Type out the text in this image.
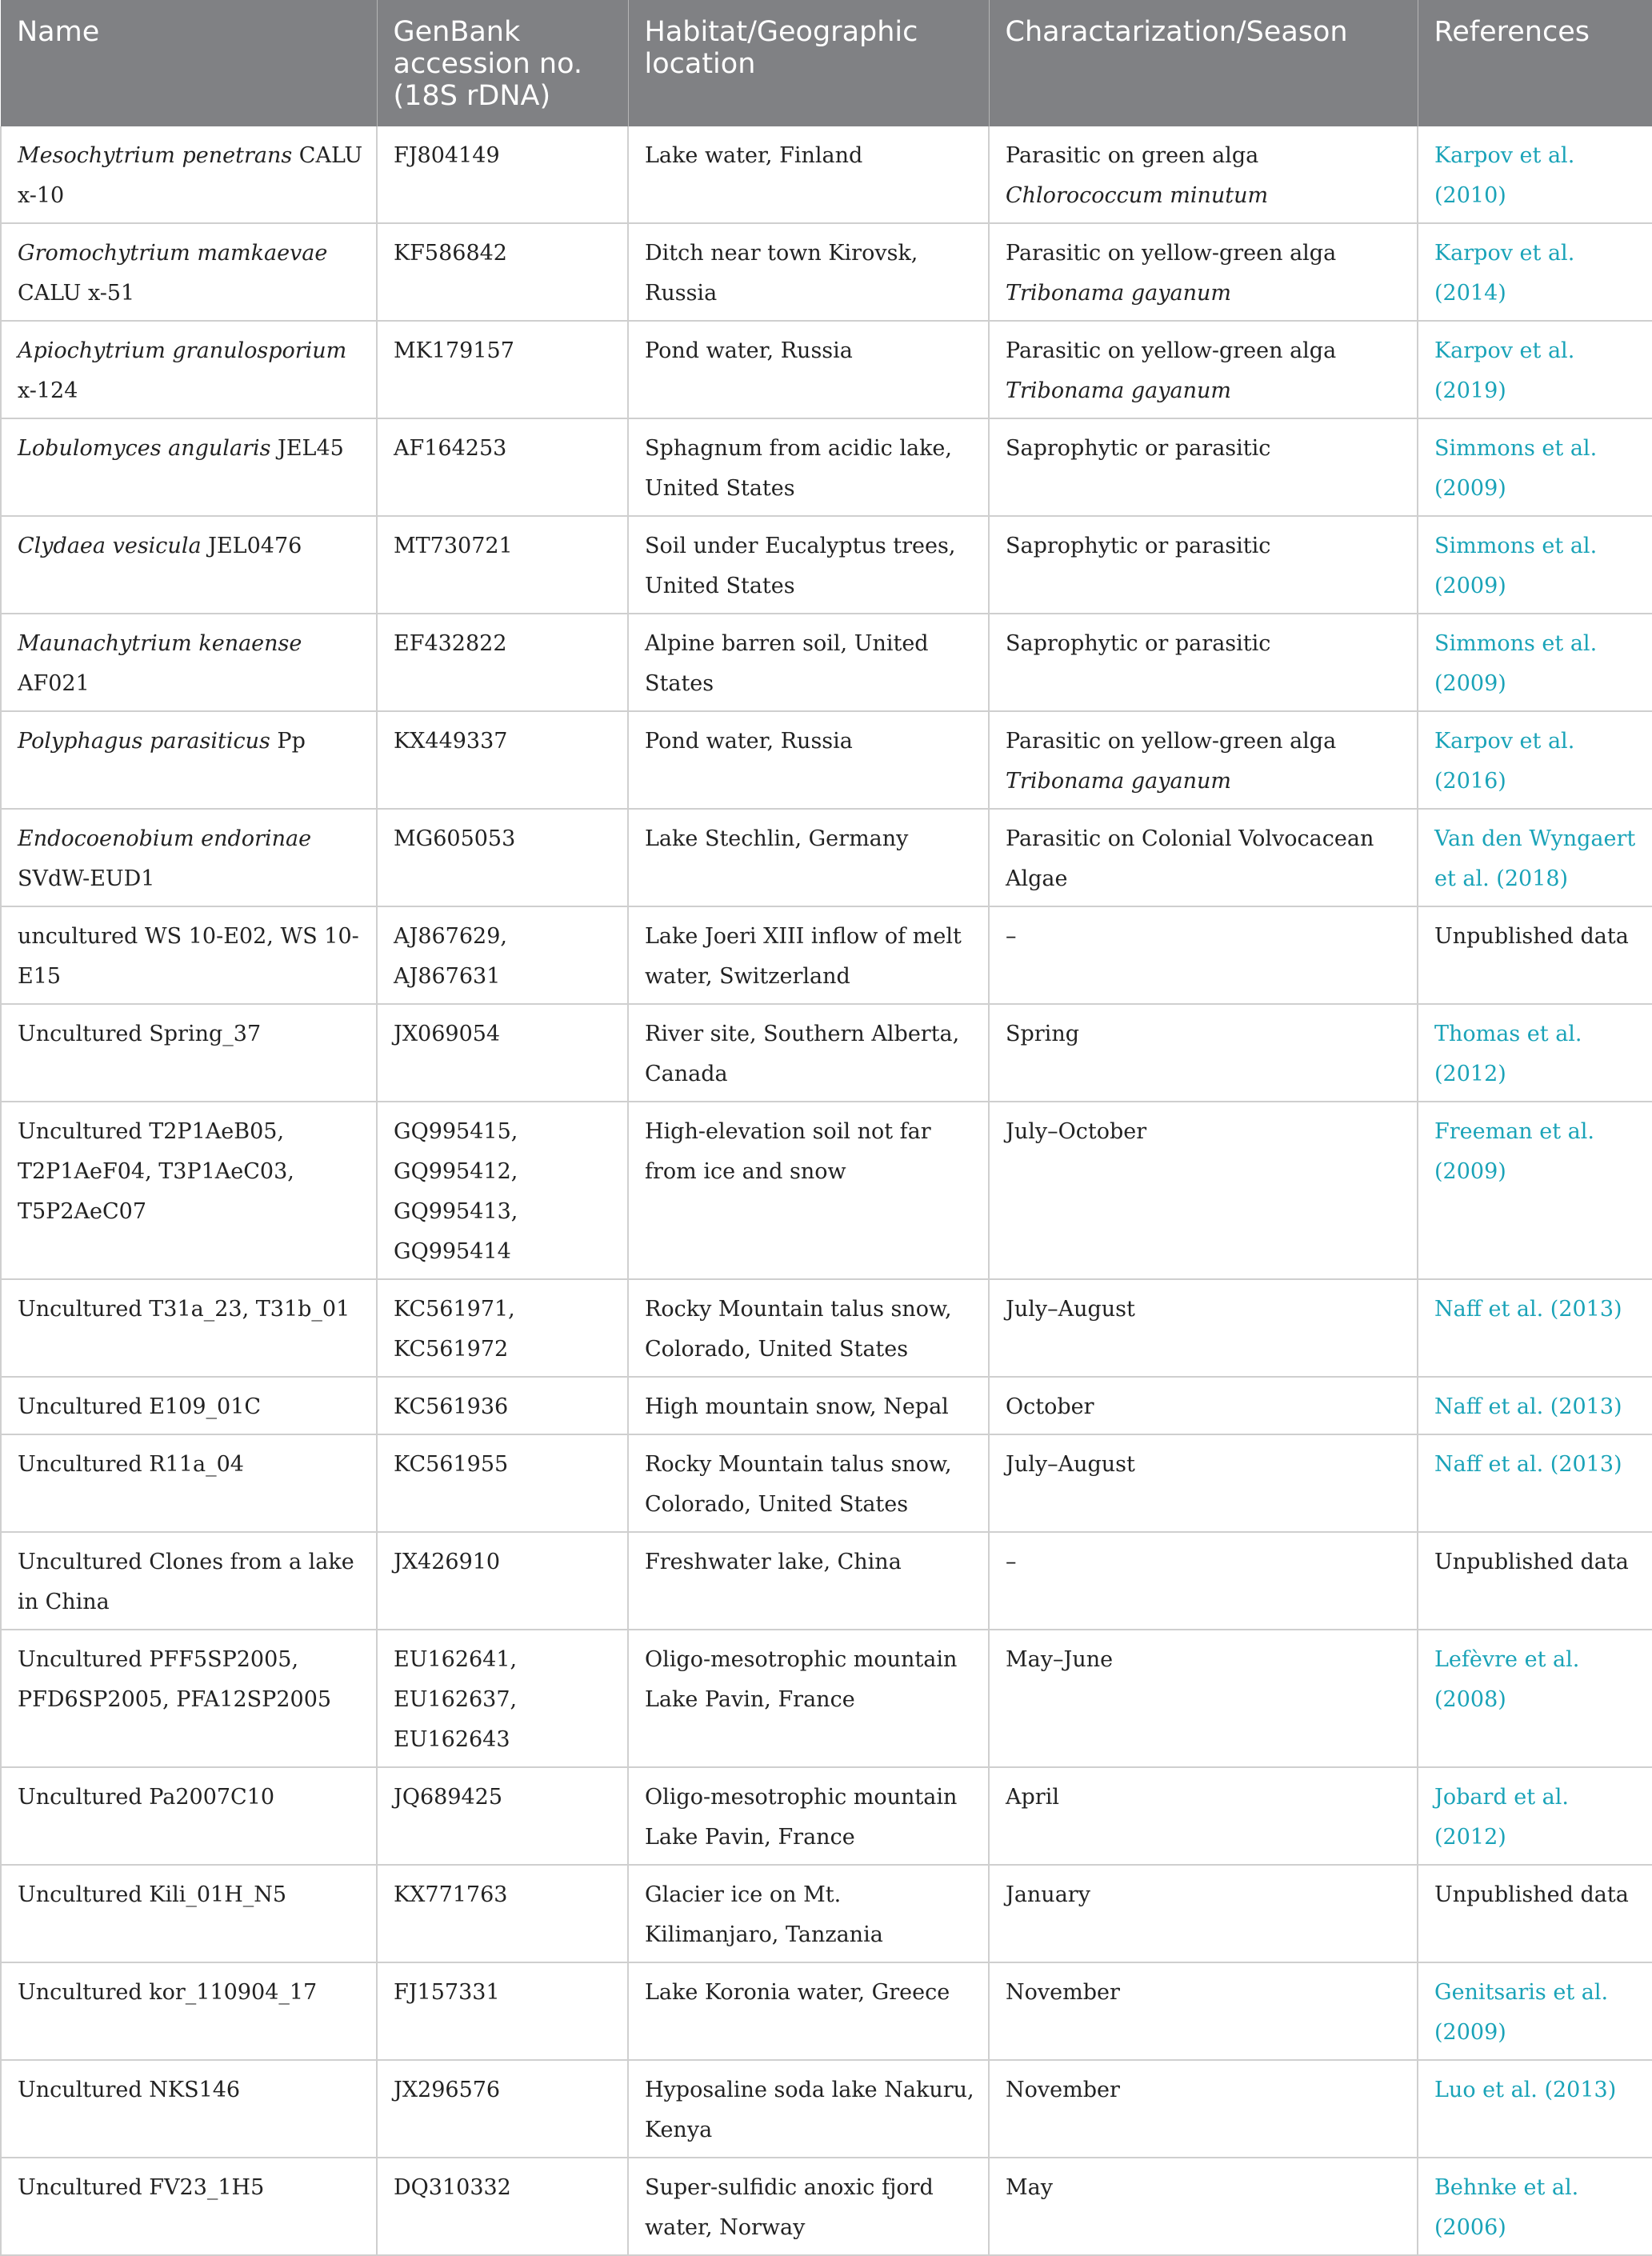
Name	GenBank accession no. (18S rDNA)	Habitat/Geographic location	Charactarization/Season	References
Mesochytrium penetrans CALU x-10	FJ804149	Lake water, Finland	Parasitic on green alga Chlorococcum minutum	Karpov et al. (2010)
Gromochytrium mamkaevae CALU x-51	KF586842	Ditch near town Kirovsk, Russia	Parasitic on yellow-green alga Tribonama gayanum	Karpov et al. (2014)
Apiochytrium granulosporium x-124	MK179157	Pond water, Russia	Parasitic on yellow-green alga Tribonama gayanum	Karpov et al. (2019)
Lobulomyces angularis JEL45	AF164253	Sphagnum from acidic lake, United States	Saprophytic or parasitic	Simmons et al. (2009)
Clydaea vesicula JEL0476	MT730721	Soil under Eucalyptus trees, United States	Saprophytic or parasitic	Simmons et al. (2009)
Maunachytrium kenaense AF021	EF432822	Alpine barren soil, United States	Saprophytic or parasitic	Simmons et al. (2009)
Polyphagus parasiticus Pp	KX449337	Pond water, Russia	Parasitic on yellow-green alga Tribonama gayanum	Karpov et al. (2016)
Endocoenobium endorinae SVdW-EUD1	MG605053	Lake Stechlin, Germany	Parasitic on Colonial Volvocacean Algae	Van den Wyngaert et al. (2018)
uncultured WS 10-E02, WS 10-E15	AJ867629, AJ867631	Lake Joeri XIII inflow of melt water, Switzerland	–	Unpublished data
Uncultured Spring_37	JX069054	River site, Southern Alberta, Canada	Spring	Thomas et al. (2012)
Uncultured T2P1AeB05, T2P1AeF04, T3P1AeC03, T5P2AeC07	GQ995415, GQ995412, GQ995413, GQ995414	High-elevation soil not far from ice and snow	July–October	Freeman et al. (2009)
Uncultured T31a_23, T31b_01	KC561971, KC561972	Rocky Mountain talus snow, Colorado, United States	July–August	Naff et al. (2013)
Uncultured E109_01C	KC561936	High mountain snow, Nepal	October	Naff et al. (2013)
Uncultured R11a_04	KC561955	Rocky Mountain talus snow, Colorado, United States	July–August	Naff et al. (2013)
Uncultured Clones from a lake in China	JX426910	Freshwater lake, China	–	Unpublished data
Uncultured PFF5SP2005, PFD6SP2005, PFA12SP2005	EU162641, EU162637, EU162643	Oligo-mesotrophic mountain Lake Pavin, France	May–June	Lefèvre et al. (2008)
Uncultured Pa2007C10	JQ689425	Oligo-mesotrophic mountain Lake Pavin, France	April	Jobard et al. (2012)
Uncultured Kili_01H_N5	KX771763	Glacier ice on Mt. Kilimanjaro, Tanzania	January	Unpublished data
Uncultured kor_110904_17	FJ157331	Lake Koronia water, Greece	November	Genitsaris et al. (2009)
Uncultured NKS146	JX296576	Hyposaline soda lake Nakuru, Kenya	November	Luo et al. (2013)
Uncultured FV23_1H5	DQ310332	Super-sulfidic anoxic fjord water, Norway	May	Behnke et al. (2006)
